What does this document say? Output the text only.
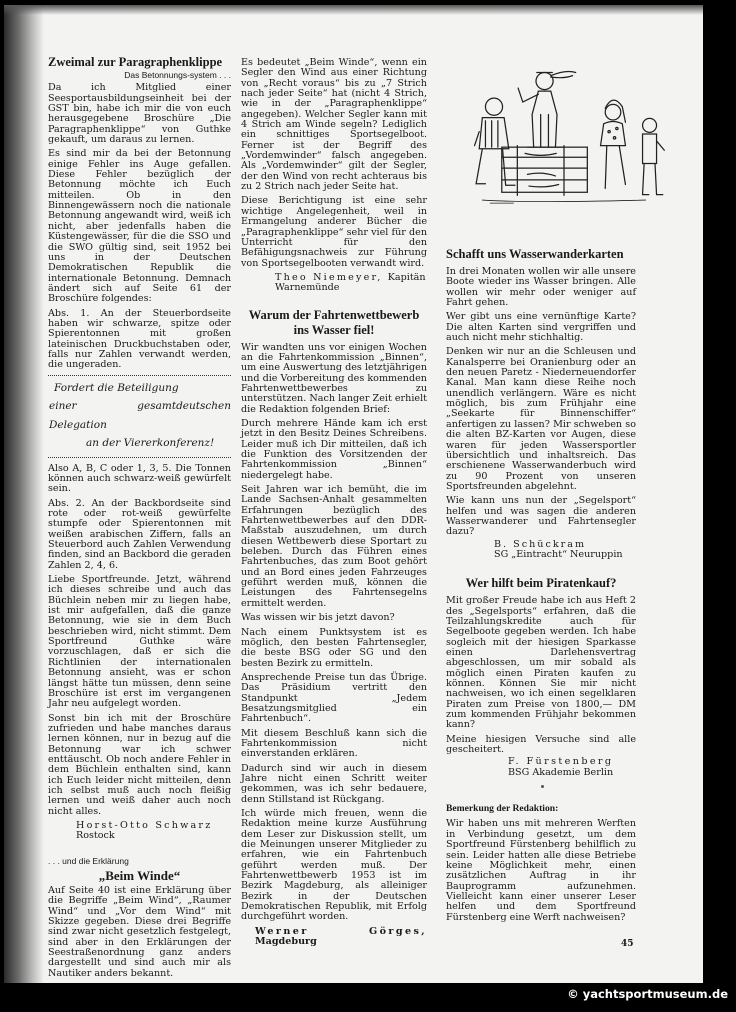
Zweimal zur Paragraphenklippe
Das Betonnungs-system . . .

Da ich Mitglied einer Seesportausbildungseinheit bei der GST bin, habe ich mir die von euch herausgegebene Broschüre „Die Paragraphenklippe“ von Guthke gekauft, um daraus zu lernen.

Es sind mir da bei der Betonnung einige Fehler ins Auge gefallen. Diese Fehler bezüglich der Betonnung möchte ich Euch mitteilen. Ob in den Binnengewässern noch die nationale Betonnung angewandt wird, weiß ich nicht, aber jedenfalls haben die Küstengewässer, für die die SSO und die SWO gültig sind, seit 1952 bei uns in der Deutschen Demokratischen Republik die internationale Betonnung. Demnach ändert sich auf Seite 61 der Broschüre folgendes:

Abs. 1. An der Steuerbordseite haben wir schwarze, spitze oder Spierentonnen mit großen lateinischen Druckbuchstaben oder, falls nur Zahlen verwandt werden, die ungeraden.

Fordert die Beteiligung
einer gesamtdeutschen Delegation
an der Viererkonferenz!

Also A, B, C oder 1, 3, 5. Die Tonnen können auch schwarz-weiß gewürfelt sein.

Abs. 2. An der Backbordseite sind rote oder rot-weiß gewürfelte stumpfe oder Spierentonnen mit weißen arabischen Ziffern, falls an Steuerbord auch Zahlen Verwendung finden, sind an Backbord die geraden Zahlen 2, 4, 6.

Liebe Sportfreunde. Jetzt, während ich dieses schreibe und auch das Büchlein neben mir zu liegen habe, ist mir aufgefallen, daß die ganze Betonnung, wie sie in dem Buch beschrieben wird, nicht stimmt. Dem Sportfreund Guthke wäre vorzuschlagen, daß er sich die Richtlinien der internationalen Betonnung ansieht, was er schon längst hätte tun müssen, denn seine Broschüre ist erst im vergangenen Jahr neu aufgelegt worden.

Sonst bin ich mit der Broschüre zufrieden und habe manches daraus lernen können, nur in bezug auf die Betonnung war ich schwer enttäuscht. Ob noch andere Fehler in dem Büchlein enthalten sind, kann ich Euch leider nicht mitteilen, denn ich selbst muß auch noch fleißig lernen und weiß daher auch noch nicht alles.

Horst-Otto Schwarz
Rostock
. . . und die Erklärung
„Beim Winde“

Auf Seite 40 ist eine Erklärung über die Begriffe „Beim Wind“, „Raumer Wind“ und „Vor dem Wind“ mit Skizze gegeben. Diese drei Begriffe sind zwar nicht gesetzlich festgelegt, sind aber in den Erklärungen der Seestraßenordnung ganz anders dargestellt und sind auch mir als Nautiker anders bekannt.

Es bedeutet „Beim Winde“, wenn ein Segler den Wind aus einer Richtung von „Recht voraus“ bis zu „7 Strich nach jeder Seite“ hat (nicht 4 Strich, wie in der „Paragraphenklippe“ angegeben). Welcher Segler kann mit 4 Strich am Winde segeln? Lediglich ein schnittiges Sportsegelboot. Ferner ist der Begriff des „Vordemwinder“ falsch angegeben. Als „Vordemwinder“ gilt der Segler, der den Wind von recht achteraus bis zu 2 Strich nach jeder Seite hat.

Diese Berichtigung ist eine sehr wichtige Angelegenheit, weil in Ermangelung anderer Bücher die „Paragraphenklippe“ sehr viel für den Unterricht für den Befähigungsnachweis zur Führung von Sportsegelbooten verwandt wird.

Theo Niemeyer, Kapitän
Warnemünde
Warum der Fahrtenwettbewerb ins Wasser fiel!

Wir wandten uns vor einigen Wochen an die Fahrtenkommission „Binnen“, um eine Auswertung des letztjährigen und die Vorbereitung des kommenden Fahrtenwettbewerbes zu unterstützen. Nach langer Zeit erhielt die Redaktion folgenden Brief:

Durch mehrere Hände kam ich erst jetzt in den Besitz Deines Schreibens. Leider muß ich Dir mitteilen, daß ich die Funktion des Vorsitzenden der Fahrtenkommission „Binnen“ niedergelegt habe.

Seit Jahren war ich bemüht, die im Lande Sachsen-Anhalt gesammelten Erfahrungen bezüglich des Fahrtenwettbewerbes auf den DDR-Maßstab auszudehnen, um durch diesen Wettbewerb diese Sportart zu beleben. Durch das Führen eines Fahrtenbuches, das zum Boot gehört und an Bord eines jeden Fahrzeuges geführt werden muß, können die Leistungen des Fahrtensegelns ermittelt werden.

Was wissen wir bis jetzt davon?

Nach einem Punktsystem ist es möglich, den besten Fahrtensegler, die beste BSG oder SG und den besten Bezirk zu ermitteln.

Ansprechende Preise tun das Übrige. Das Präsidium vertritt den Standpunkt „Jedem Besatzungsmitglied ein Fahrtenbuch“.

Mit diesem Beschluß kann sich die Fahrtenkommission nicht einverstanden erklären.

Dadurch sind wir auch in diesem Jahre nicht einen Schritt weiter gekommen, was ich sehr bedauere, denn Stillstand ist Rückgang.

Ich würde mich freuen, wenn die Redaktion meine kurze Ausführung dem Leser zur Diskussion stellt, um die Meinungen unserer Mitglieder zu erfahren, wie ein Fahrtenbuch geführt werden muß. Der Fahrtenwettbewerb 1953 ist im Bezirk Magdeburg, als alleiniger Bezirk in der Deutschen Demokratischen Republik, mit Erfolg durchgeführt worden.

Werner Görges, Magdeburg
Schafft uns Wasserwanderkarten

In drei Monaten wollen wir alle unsere Boote wieder ins Wasser bringen. Alle wollen wir mehr oder weniger auf Fahrt gehen.

Wer gibt uns eine vernünftige Karte? Die alten Karten sind vergriffen und auch nicht mehr stichhaltig.

Denken wir nur an die Schleusen und Kanalsperre bei Oranienburg oder an den neuen Paretz - Niederneuendorfer Kanal. Man kann diese Reihe noch unendlich verlängern. Wäre es nicht möglich, bis zum Frühjahr eine „Seekarte für Binnenschiffer“ anfertigen zu lassen? Mir schweben so die alten BZ-Karten vor Augen, diese waren für jeden Wassersportler übersichtlich und inhaltsreich. Das erschienene Wasserwanderbuch wird zu 90 Prozent von unseren Sportsfreunden abgelehnt.

Wie kann uns nun der „Segelsport“ helfen und was sagen die anderen Wasserwanderer und Fahrtensegler dazu?

B. Schückram
SG „Eintracht“ Neuruppin
Wer hilft beim Piratenkauf?

Mit großer Freude habe ich aus Heft 2 des „Segelsports“ erfahren, daß die Teilzahlungskredite auch für Segelboote gegeben werden. Ich habe sogleich mit der hiesigen Sparkasse einen Darlehensvertrag abgeschlossen, um mir sobald als möglich einen Piraten kaufen zu können. Können Sie mir nicht nachweisen, wo ich einen segelklaren Piraten zum Preise von 1800,— DM zum kommenden Frühjahr bekommen kann?

Meine hiesigen Versuche sind alle gescheitert.

F. Fürstenberg
BSG Akademie Berlin
Bemerkung der Redaktion:

Wir haben uns mit mehreren Werften in Verbindung gesetzt, um dem Sportfreund Fürstenberg behilflich zu sein. Leider hatten alle diese Betriebe keine Möglichkeit mehr, einen zusätzlichen Auftrag in ihr Bauprogramm aufzunehmen. Vielleicht kann einer unserer Leser helfen und dem Sportfreund Fürstenberg eine Werft nachweisen?

45
© yachtsportmuseum.de
